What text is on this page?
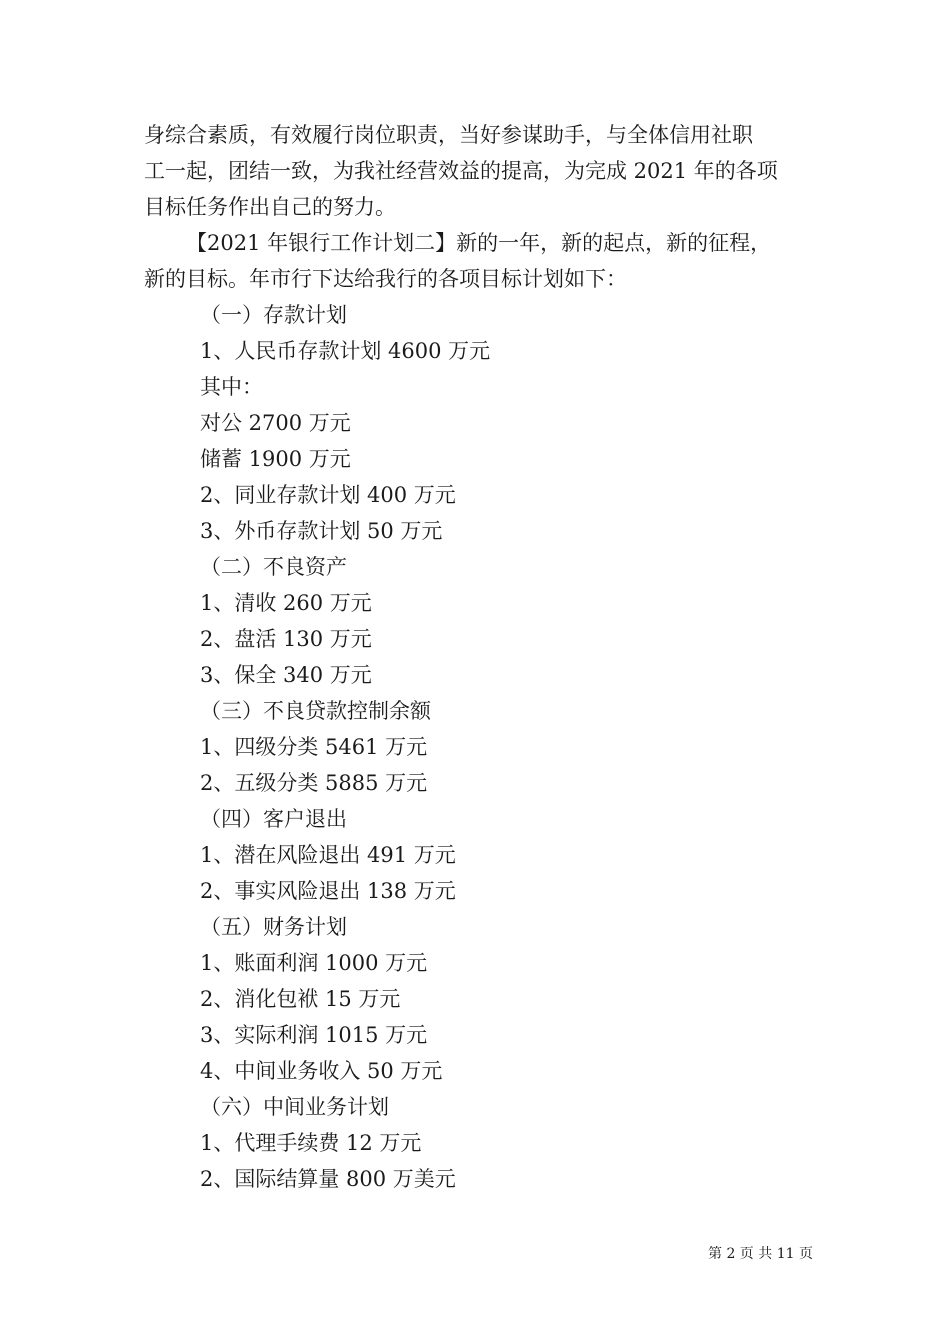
身综合素质，有效履行岗位职责，当好参谋助手，与全体信用社职
工一起，团结一致，为我社经营效益的提高，为完成 2021 年的各项
目标任务作出自己的努力。
【2021 年银行工作计划二】新的一年，新的起点，新的征程，
新的目标。年市行下达给我行的各项目标计划如下：
（一）存款计划
1、人民币存款计划 4600 万元
其中：
对公 2700 万元
储蓄 1900 万元
2、同业存款计划 400 万元
3、外币存款计划 50 万元
（二）不良资产
1、清收 260 万元
2、盘活 130 万元
3、保全 340 万元
（三）不良贷款控制余额
1、四级分类 5461 万元
2、五级分类 5885 万元
（四）客户退出
1、潜在风险退出 491 万元
2、事实风险退出 138 万元
（五）财务计划
1、账面利润 1000 万元
2、消化包袱 15 万元
3、实际利润 1015 万元
4、中间业务收入 50 万元
（六）中间业务计划
1、代理手续费 12 万元
2、国际结算量 800 万美元
第 2 页 共 11 页
